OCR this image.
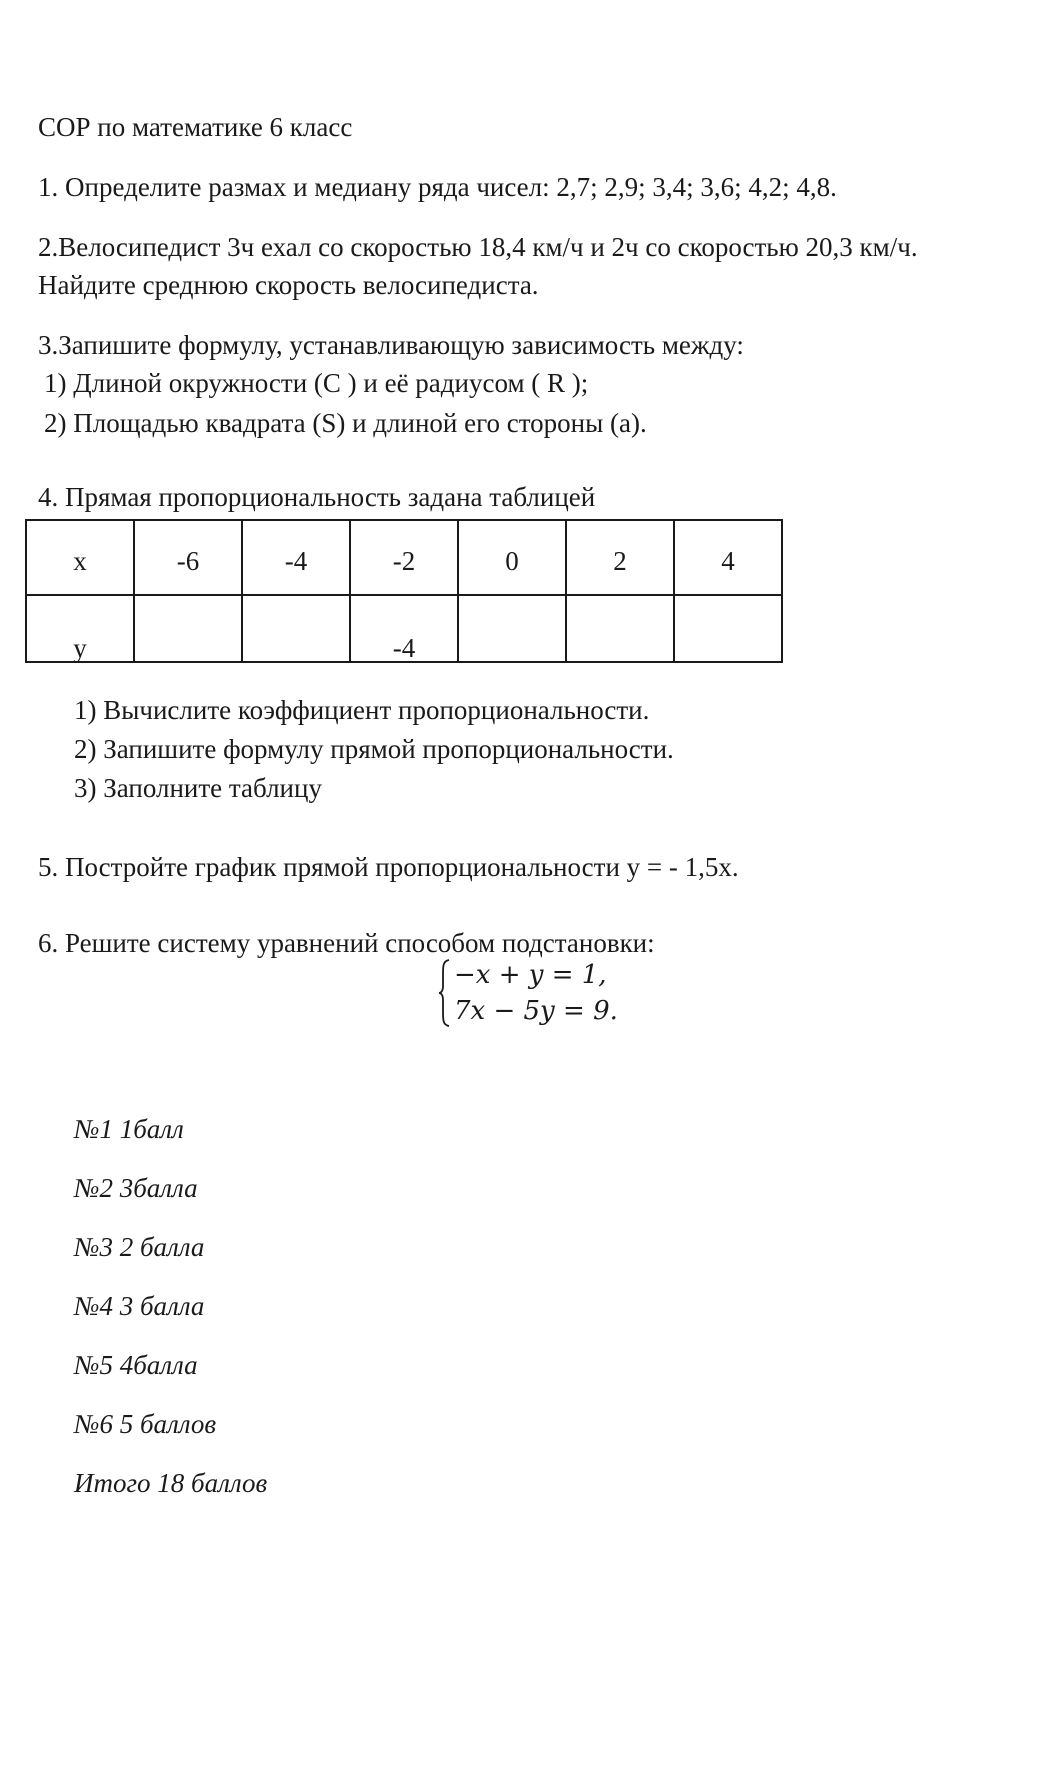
СОР по математике 6 класс
1. Определите размах и медиану ряда чисел: 2,7; 2,9; 3,4; 3,6; 4,2; 4,8.
2.Велосипедист 3ч ехал со скоростью 18,4 км/ч и 2ч со скоростью 20,3 км/ч.
Найдите среднюю скорость велосипедиста.
3.Запишите формулу, устанавливающую зависимость между:
1) Длиной окружности (С ) и её радиусом ( R );
2) Площадью квадрата (S) и длиной его стороны (a).
4. Прямая пропорциональность задана таблицей
x	-6	-4	-2	0	2	4
y			-4			
1) Вычислите коэффициент пропорциональности.
2) Запишите формулу прямой пропорциональности.
3) Заполните таблицу
5. Постройте график прямой пропорциональности y = - 1,5x.
6. Решите систему уравнений способом подстановки:
−x + y = 1,
7x − 5y = 9.
№1 1балл
№2 3балла
№3 2 балла
№4 3 балла
№5 4балла
№6 5 баллов
Итого 18 баллов
